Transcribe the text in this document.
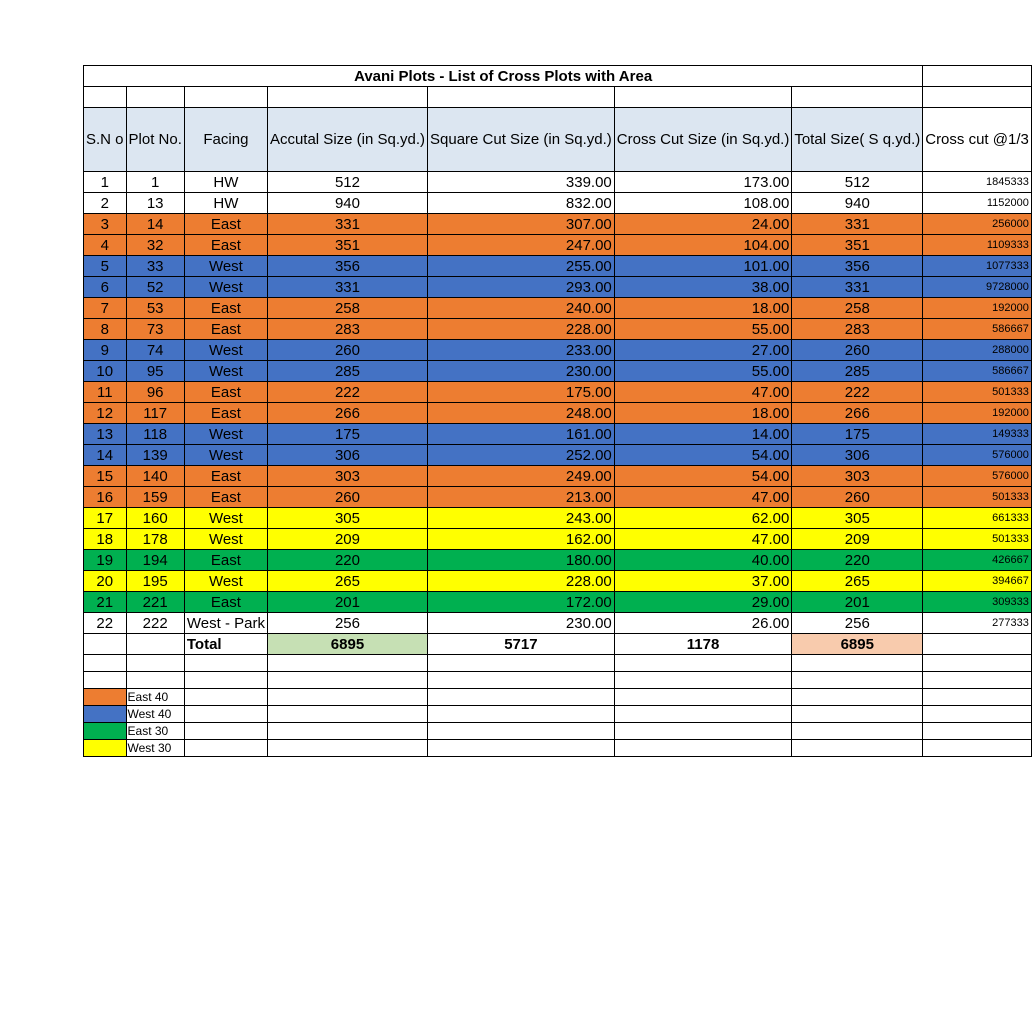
Avani Plots - List of Cross Plots with Area							

S.N o	Plot No.	Facing	Accutal Size (in Sq.yd.)	Square Cut Size (in Sq.yd.)	Cross Cut Size (in Sq.yd.)	Total Size( S q.yd.)	Cross cut @1/3
1	1	HW	512	339.00	173.00	512	1845333
2	13	HW	940	832.00	108.00	940	1152000
3	14	East	331	307.00	24.00	331	256000
4	32	East	351	247.00	104.00	351	1109333
5	33	West	356	255.00	101.00	356	1077333
6	52	West	331	293.00	38.00	331	9728000
7	53	East	258	240.00	18.00	258	192000
8	73	East	283	228.00	55.00	283	586667
9	74	West	260	233.00	27.00	260	288000
10	95	West	285	230.00	55.00	285	586667
11	96	East	222	175.00	47.00	222	501333
12	117	East	266	248.00	18.00	266	192000
13	118	West	175	161.00	14.00	175	149333
14	139	West	306	252.00	54.00	306	576000
15	140	East	303	249.00	54.00	303	576000
16	159	East	260	213.00	47.00	260	501333
17	160	West	305	243.00	62.00	305	661333
18	178	West	209	162.00	47.00	209	501333
19	194	East	220	180.00	40.00	220	426667
20	195	West	265	228.00	37.00	265	394667
21	221	East	201	172.00	29.00	201	309333
22	222	West - Park	256	230.00	26.00	256	277333
		Total	6895	5717	1178	6895	

	East 40						
	West 40						
	East 30						
	West 30						
